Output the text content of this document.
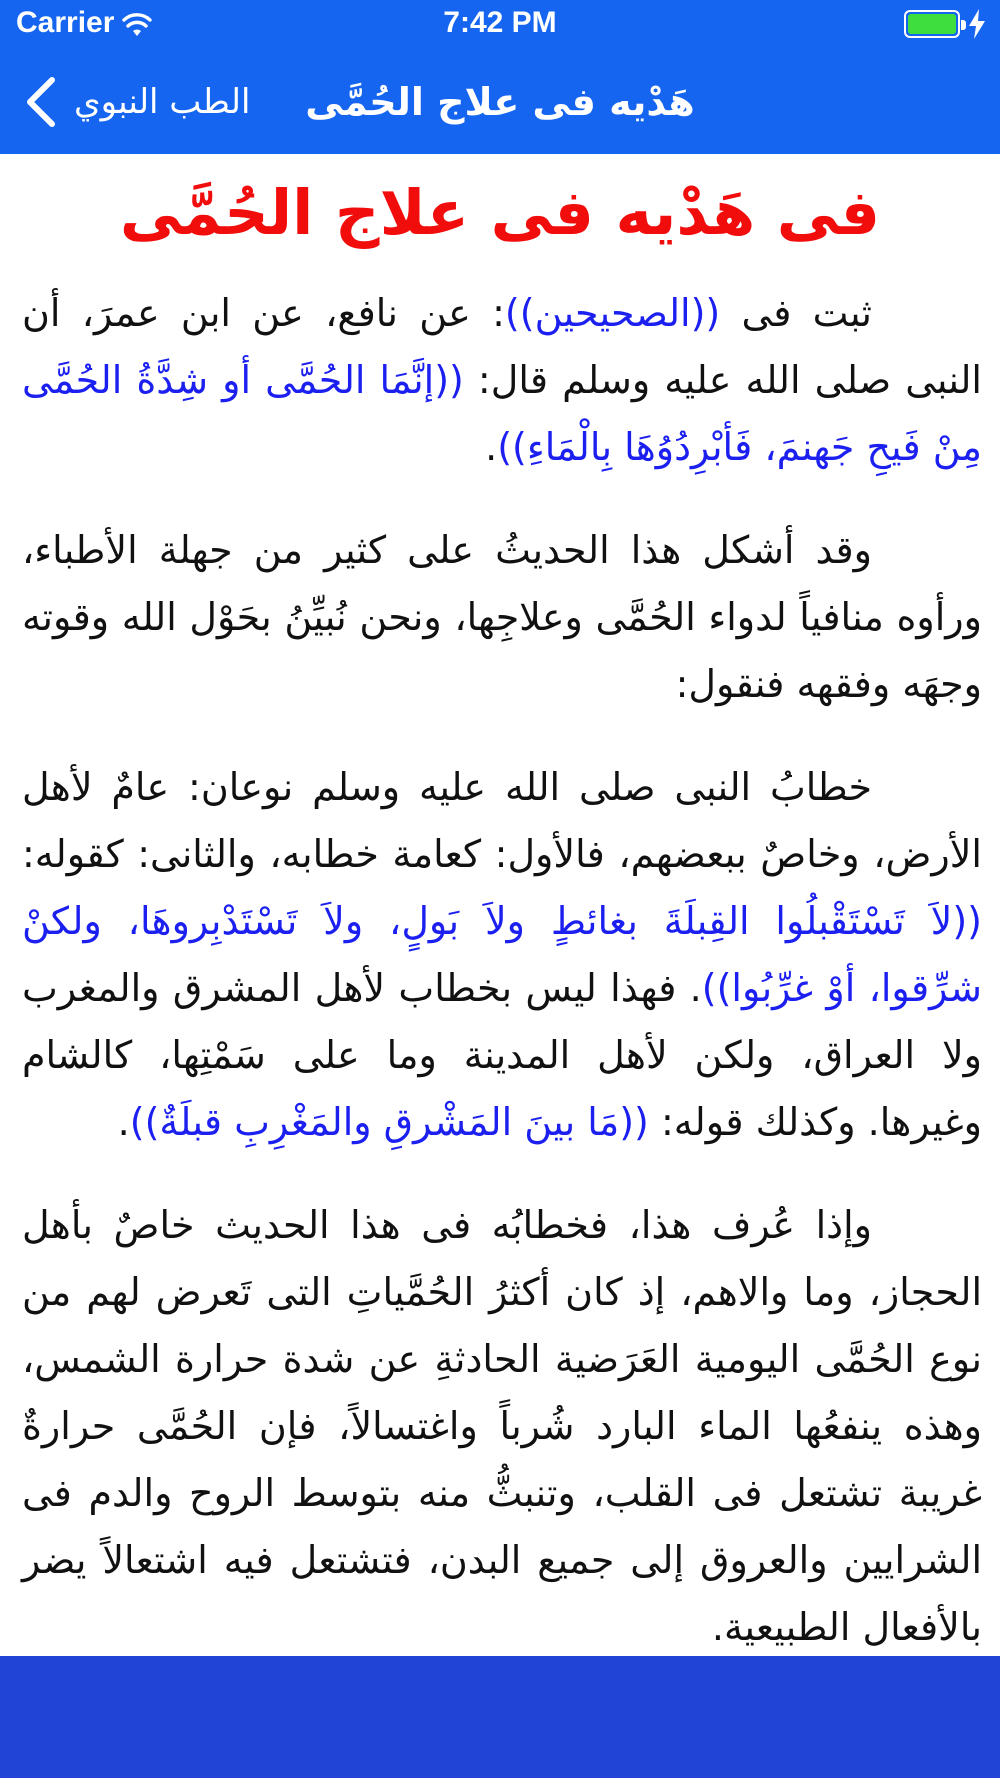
Carrier	7:42 PM
الطب النبوي	هَدْيه فى علاج الحُمَّى
فى هَدْيه فى علاج الحُمَّى

ثبت فى ((الصحيحين)): عن نافع، عن ابن عمرَ، أن النبى صلى الله عليه وسلم قال: ((إنَّمَا الحُمَّى أو شِدَّةُ الحُمَّى مِنْ فَيحِ جَهنمَ، فَأبْرِدُوُهَا بِالْمَاءِ)).

وقد أشكل هذا الحديثُ على كثير من جهلة الأطباء، ورأوه منافياً لدواء الحُمَّى وعلاجِها، ونحن نُبيِّنُ بحَوْل الله وقوته وجهَه وفقهه فنقول:

خطابُ النبى صلى الله عليه وسلم نوعان: عامٌ لأهل الأرض، وخاصٌ ببعضهم، فالأول: كعامة خطابه، والثانى: كقوله: ((لاَ تَسْتَقْبلُوا القِبلَةَ بغائطٍ ولاَ بَولٍ، ولاَ تَسْتَدْبِروهَا، ولكنْ شرِّقوا، أوْ غرِّبُوا)). فهذا ليس بخطاب لأهل المشرق والمغرب ولا العراق، ولكن لأهل المدينة وما على سَمْتِها، كالشام وغيرها. وكذلك قوله: ((مَا بينَ المَشْرقِ والمَغْرِبِ قبلَةٌ)).

وإذا عُرف هذا، فخطابُه فى هذا الحديث خاصٌ بأهل الحجاز، وما والاهم، إذ كان أكثرُ الحُمَّياتِ التى تَعرض لهم من نوع الحُمَّى اليومية العَرَضية الحادثةِ عن شدة حرارة الشمس، وهذه ينفعُها الماء البارد شُرباً واغتسالاً، فإن الحُمَّى حرارةٌ غريبة تشتعل فى القلب، وتنبثُّ منه بتوسط الروح والدم فى الشرايين والعروق إلى جميع البدن، فتشتعل فيه اشتعالاً يضر بالأفعال الطبيعية.
